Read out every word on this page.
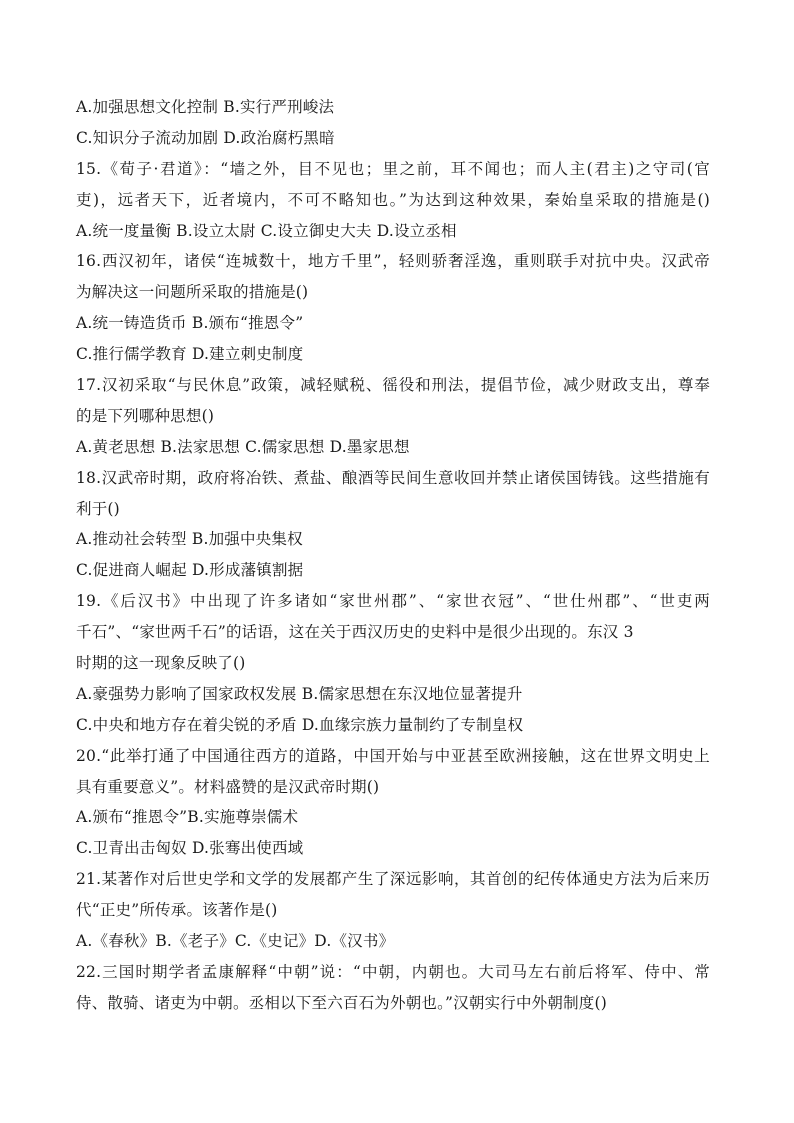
A.加强思想文化控制 B.实行严刑峻法
C.知识分子流动加剧 D.政治腐朽黑暗
15.《荀子·君道》：“墙之外，目不见也；里之前，耳不闻也；而人主(君主)之守司(官
吏)，远者天下，近者境内，不可不略知也。”为达到这种效果，秦始皇采取的措施是()
A.统一度量衡 B.设立太尉 C.设立御史大夫 D.设立丞相
16.西汉初年，诸侯“连城数十，地方千里”，轻则骄奢淫逸，重则联手对抗中央。汉武帝
为解决这一问题所采取的措施是()
A.统一铸造货币 B.颁布“推恩令”
C.推行儒学教育 D.建立刺史制度
17.汉初采取“与民休息”政策，减轻赋税、徭役和刑法，提倡节俭，减少财政支出，尊奉
的是下列哪种思想()
A.黄老思想 B.法家思想 C.儒家思想 D.墨家思想
18.汉武帝时期，政府将冶铁、煮盐、酿酒等民间生意收回并禁止诸侯国铸钱。这些措施有
利于()
A.推动社会转型 B.加强中央集权
C.促进商人崛起 D.形成藩镇割据
19.《后汉书》中出现了许多诸如“家世州郡”、“家世衣冠”、“世仕州郡”、“世吏两
千石”、“家世两千石”的话语，这在关于西汉历史的史料中是很少出现的。东汉 3
时期的这一现象反映了()
A.豪强势力影响了国家政权发展 B.儒家思想在东汉地位显著提升
C.中央和地方存在着尖锐的矛盾 D.血缘宗族力量制约了专制皇权
20.“此举打通了中国通往西方的道路，中国开始与中亚甚至欧洲接触，这在世界文明史上
具有重要意义”。材料盛赞的是汉武帝时期()
A.颁布“推恩令”B.实施尊崇儒术
C.卫青出击匈奴 D.张骞出使西域
21.某著作对后世史学和文学的发展都产生了深远影响，其首创的纪传体通史方法为后来历
代“正史”所传承。该著作是()
A.《春秋》B.《老子》C.《史记》D.《汉书》
22.三国时期学者孟康解释“中朝”说：“中朝，内朝也。大司马左右前后将军、侍中、常
侍、散骑、诸吏为中朝。丞相以下至六百石为外朝也。”汉朝实行中外朝制度()
